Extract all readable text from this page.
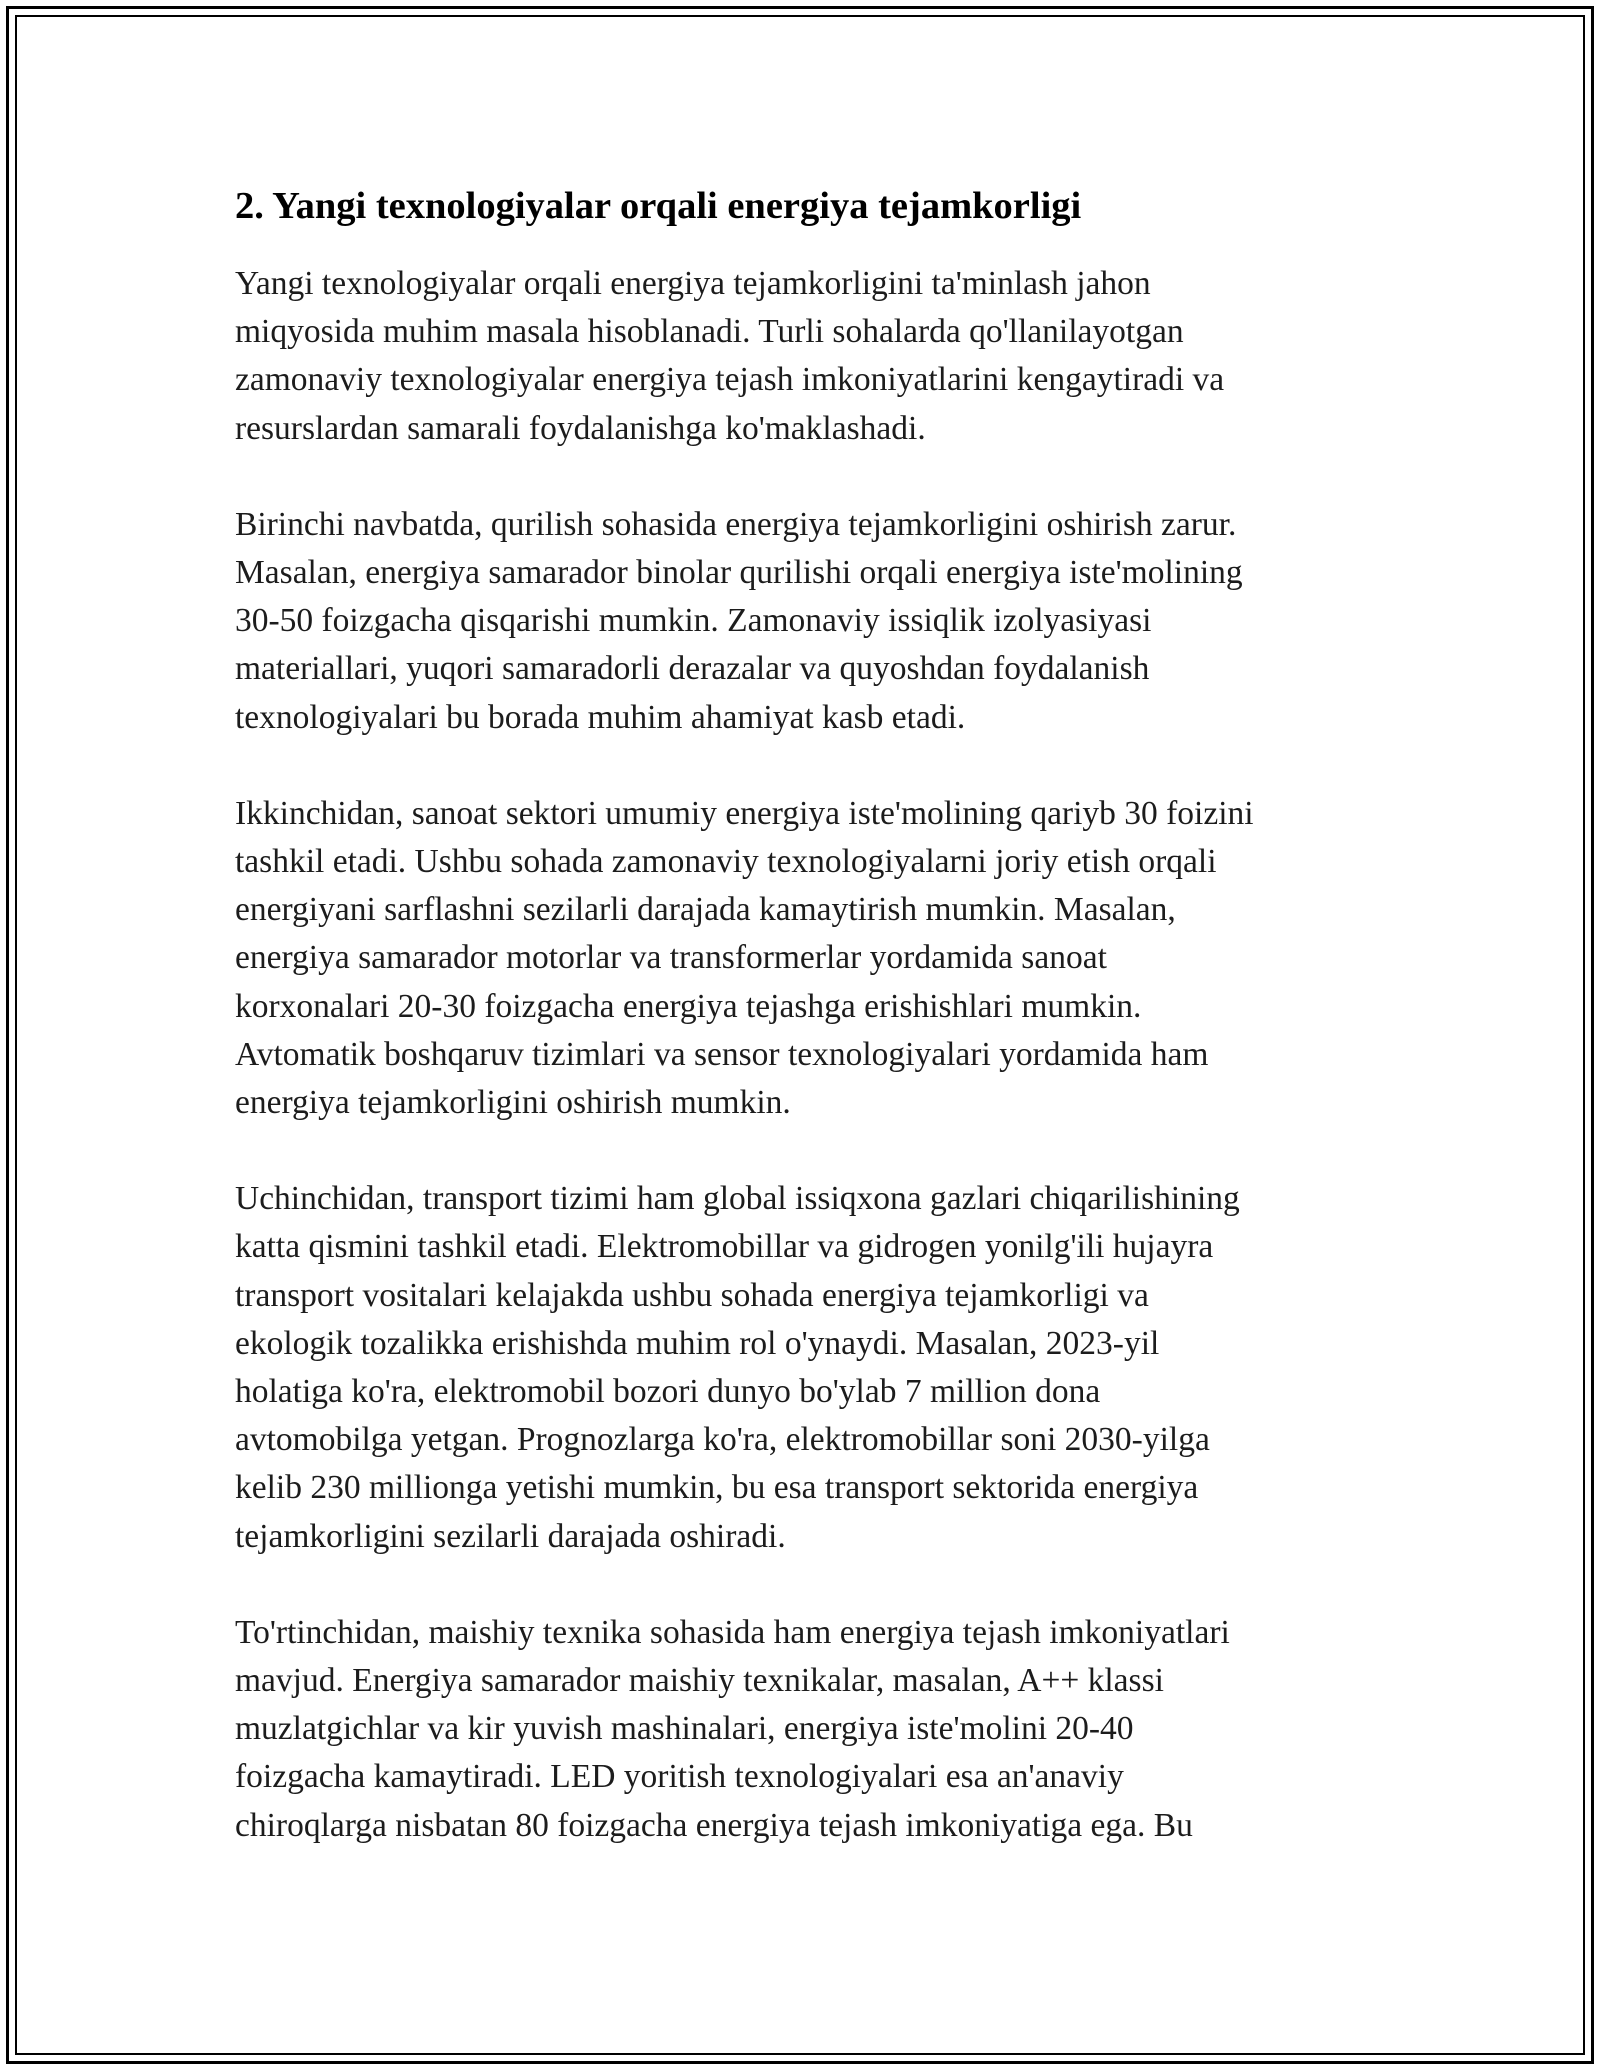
2. Yangi texnologiyalar orqali energiya tejamkorligi

Yangi texnologiyalar orqali energiya tejamkorligini ta'minlash jahon
miqyosida muhim masala hisoblanadi. Turli sohalarda qo'llanilayotgan
zamonaviy texnologiyalar energiya tejash imkoniyatlarini kengaytiradi va
resurslardan samarali foydalanishga ko'maklashadi.

Birinchi navbatda, qurilish sohasida energiya tejamkorligini oshirish zarur.
Masalan, energiya samarador binolar qurilishi orqali energiya iste'molining
30-50 foizgacha qisqarishi mumkin. Zamonaviy issiqlik izolyasiyasi
materiallari, yuqori samaradorli derazalar va quyoshdan foydalanish
texnologiyalari bu borada muhim ahamiyat kasb etadi.

Ikkinchidan, sanoat sektori umumiy energiya iste'molining qariyb 30 foizini
tashkil etadi. Ushbu sohada zamonaviy texnologiyalarni joriy etish orqali
energiyani sarflashni sezilarli darajada kamaytirish mumkin. Masalan,
energiya samarador motorlar va transformerlar yordamida sanoat
korxonalari 20-30 foizgacha energiya tejashga erishishlari mumkin.
Avtomatik boshqaruv tizimlari va sensor texnologiyalari yordamida ham
energiya tejamkorligini oshirish mumkin.

Uchinchidan, transport tizimi ham global issiqxona gazlari chiqarilishining
katta qismini tashkil etadi. Elektromobillar va gidrogen yonilg'ili hujayra
transport vositalari kelajakda ushbu sohada energiya tejamkorligi va
ekologik tozalikka erishishda muhim rol o'ynaydi. Masalan, 2023-yil
holatiga ko'ra, elektromobil bozori dunyo bo'ylab 7 million dona
avtomobilga yetgan. Prognozlarga ko'ra, elektromobillar soni 2030-yilga
kelib 230 millionga yetishi mumkin, bu esa transport sektorida energiya
tejamkorligini sezilarli darajada oshiradi.

To'rtinchidan, maishiy texnika sohasida ham energiya tejash imkoniyatlari
mavjud. Energiya samarador maishiy texnikalar, masalan, A++ klassi
muzlatgichlar va kir yuvish mashinalari, energiya iste'molini 20-40
foizgacha kamaytiradi. LED yoritish texnologiyalari esa an'anaviy
chiroqlarga nisbatan 80 foizgacha energiya tejash imkoniyatiga ega. Bu
